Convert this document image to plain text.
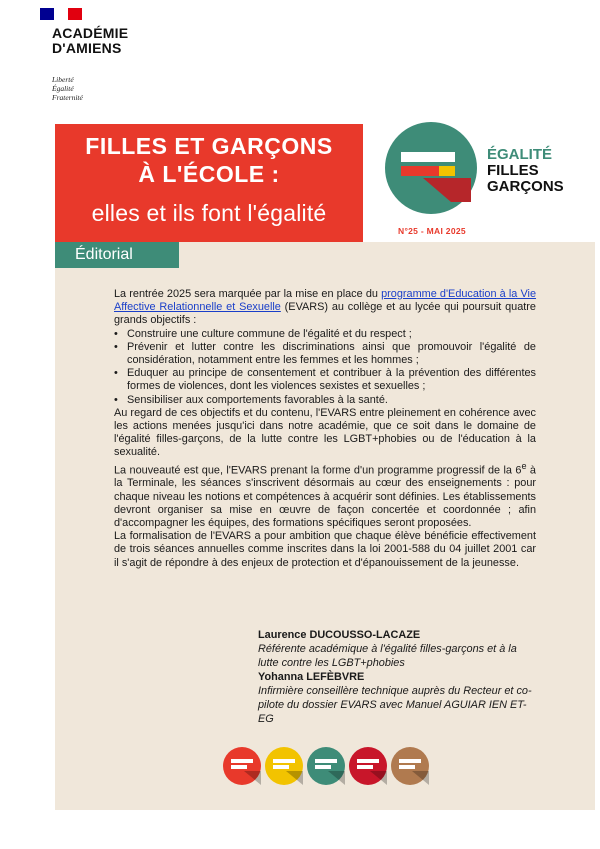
ACADÉMIE
D'AMIENS
Liberté
Égalité
Fraternité
FILLES ET GARÇONS
À L'ÉCOLE :
elles et ils font l'égalité
ÉGALITÉ
FILLES
GARÇONS
N°25 - MAI 2025
Éditorial

La rentrée 2025 sera marquée par la mise en place du programme d'Education à la Vie Affective Relationnelle et Sexuelle (EVARS) au collège et au lycée qui poursuit quatre grands objectifs :

• Construire une culture commune de l'égalité et du respect ;
• Prévenir et lutter contre les discriminations ainsi que promouvoir l'égalité de considération, notamment entre les femmes et les hommes ;
• Eduquer au principe de consentement et contribuer à la prévention des différentes formes de violences, dont les violences sexistes et sexuelles ;
• Sensibiliser aux comportements favorables à la santé.

Au regard de ces objectifs et du contenu, l'EVARS entre pleinement en cohérence avec les actions menées jusqu'ici dans notre académie, que ce soit dans le domaine de l'égalité filles-garçons, de la lutte contre les LGBT+phobies ou de l'éducation à la sexualité.

La nouveauté est que, l'EVARS prenant la forme d'un programme progressif de la 6e à la Terminale, les séances s'inscrivent désormais au cœur des enseignements : pour chaque niveau les notions et compétences à acquérir sont définies. Les établissements devront organiser sa mise en œuvre de façon concertée et coordonnée ; afin d'accompagner les équipes, des formations spécifiques seront proposées.

La formalisation de l'EVARS a pour ambition que chaque élève bénéficie effectivement de trois séances annuelles comme inscrites dans la loi 2001-588 du 04 juillet 2001 car il s'agit de répondre à des enjeux de protection et d'épanouissement de la jeunesse.

Laurence DUCOUSSO-LACAZE
Référente académique à l'égalité filles-garçons et à la lutte contre les LGBT+phobies
Yohanna LEFÈBVRE
Infirmière conseillère technique auprès du Recteur et co-pilote du dossier EVARS avec Manuel AGUIAR IEN ET-EG
